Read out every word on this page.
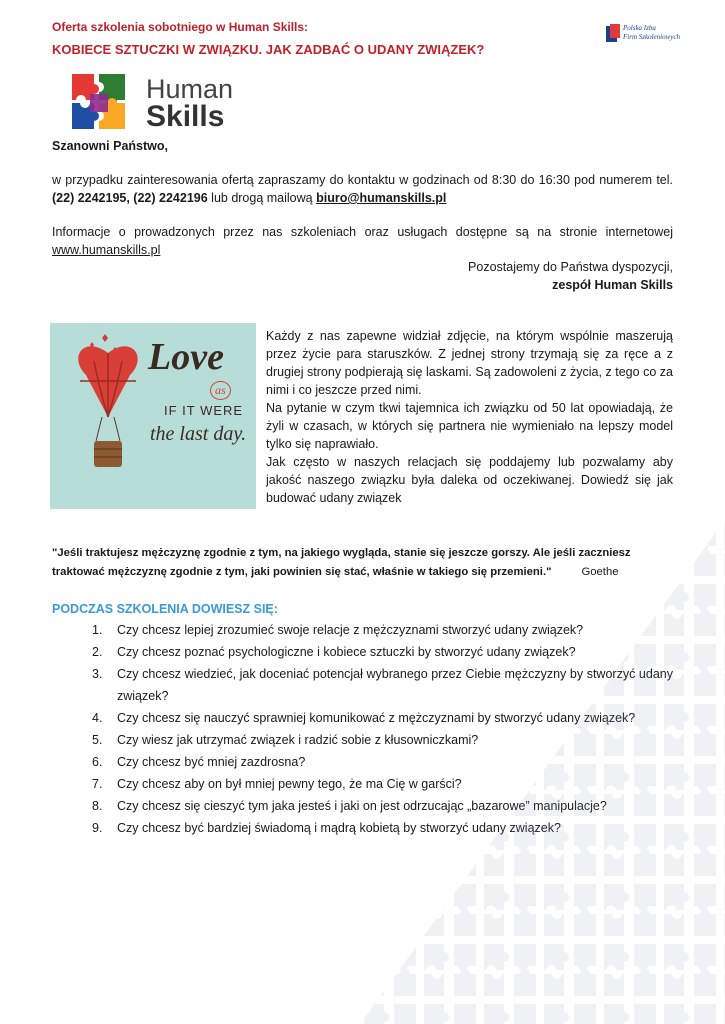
Oferta szkolenia sobotniego w Human Skills:
KOBIECE SZTUCZKI W ZWIĄZKU. JAK ZADBAĆ O UDANY ZWIĄZEK?
Polska Izba
Firm Szkoleniowych
Human
Skills
Szanowni Państwo,
w przypadku zainteresowania ofertą zapraszamy do kontaktu w godzinach od 8:30 do 16:30 pod numerem tel. (22) 2242195, (22) 2242196 lub drogą mailową biuro@humanskills.pl
Informacje o prowadzonych przez nas szkoleniach oraz usługach dostępne są na stronie internetowej www.humanskills.pl
Pozostajemy do Państwa dyspozycji,
zespół Human Skills
Love
as
IF IT WERE
the last day.

Każdy z nas zapewne widział zdjęcie, na którym wspólnie maszerują przez życie para staruszków. Z jednej strony trzymają się za ręce a z drugiej strony podpierają się laskami. Są zadowoleni z życia, z tego co za nimi i co jeszcze przed nimi.

Na pytanie w czym tkwi tajemnica ich związku od 50 lat opowiadają, że żyli w czasach, w których się partnera nie wymieniało na lepszy model tylko się naprawiało.

Jak często w naszych relacjach się poddajemy lub pozwalamy aby jakość naszego związku była daleka od oczekiwanej. Dowiedź się jak budować udany związek

"Jeśli traktujesz mężczyznę zgodnie z tym, na jakiego wygląda, stanie się jeszcze gorszy. Ale jeśli zaczniesz traktować mężczyznę zgodnie z tym, jaki powinien się stać, właśnie w takiego się przemieni."	Goethe
PODCZAS SZKOLENIA DOWIESZ SIĘ:
1. Czy chcesz lepiej zrozumieć swoje relacje z mężczyznami stworzyć udany związek?
2. Czy chcesz poznać psychologiczne i kobiece sztuczki by stworzyć udany związek?
3. Czy chcesz wiedzieć, jak doceniać potencjał wybranego przez Ciebie mężczyzny by stworzyć udany związek?
4. Czy chcesz się nauczyć sprawniej komunikować z mężczyznami by stworzyć udany związek?
5. Czy wiesz jak utrzymać związek i radzić sobie z kłusowniczkami?
6. Czy chcesz być mniej zazdrosna?
7. Czy chcesz aby on był mniej pewny tego, że ma Cię w garści?
8. Czy chcesz się cieszyć tym jaka jesteś i jaki on jest odrzucając „bazarowe” manipulacje?
9. Czy chcesz być bardziej świadomą i mądrą kobietą by stworzyć udany związek?
